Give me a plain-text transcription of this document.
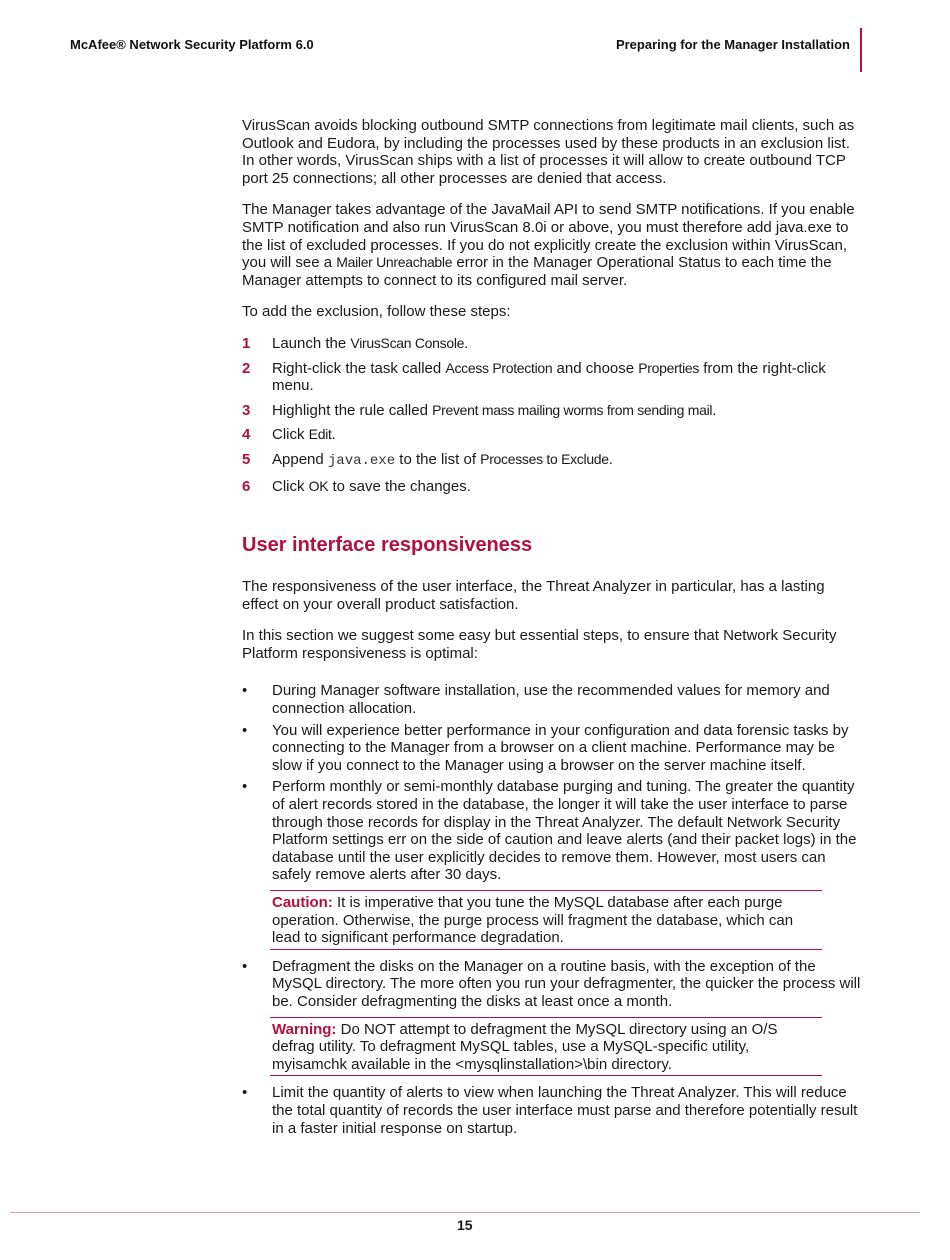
McAfee® Network Security Platform 6.0	Preparing for the Manager Installation

VirusScan avoids blocking outbound SMTP connections from legitimate mail clients, such as Outlook and Eudora, by including the processes used by these products in an exclusion list. In other words, VirusScan ships with a list of processes it will allow to create outbound TCP port 25 connections; all other processes are denied that access.

The Manager takes advantage of the JavaMail API to send SMTP notifications. If you enable SMTP notification and also run VirusScan 8.0i or above, you must therefore add java.exe to the list of excluded processes. If you do not explicitly create the exclusion within VirusScan, you will see a Mailer Unreachable error in the Manager Operational Status to each time the Manager attempts to connect to its configured mail server.

To add the exclusion, follow these steps:

1 Launch the VirusScan Console.
2 Right-click the task called Access Protection and choose Properties from the right-click menu.
3 Highlight the rule called Prevent mass mailing worms from sending mail.
4 Click Edit.
5 Append java.exe to the list of Processes to Exclude.
6 Click OK to save the changes.
User interface responsiveness

The responsiveness of the user interface, the Threat Analyzer in particular, has a lasting effect on your overall product satisfaction.

In this section we suggest some easy but essential steps, to ensure that Network Security Platform responsiveness is optimal:

• During Manager software installation, use the recommended values for memory and connection allocation.
• You will experience better performance in your configuration and data forensic tasks by connecting to the Manager from a browser on a client machine. Performance may be slow if you connect to the Manager using a browser on the server machine itself.
• Perform monthly or semi-monthly database purging and tuning. The greater the quantity of alert records stored in the database, the longer it will take the user interface to parse through those records for display in the Threat Analyzer. The default Network Security Platform settings err on the side of caution and leave alerts (and their packet logs) in the database until the user explicitly decides to remove them. However, most users can safely remove alerts after 30 days.
Caution: It is imperative that you tune the MySQL database after each purge operation. Otherwise, the purge process will fragment the database, which can lead to significant performance degradation.
• Defragment the disks on the Manager on a routine basis, with the exception of the MySQL directory. The more often you run your defragmenter, the quicker the process will be. Consider defragmenting the disks at least once a month.
Warning: Do NOT attempt to defragment the MySQL directory using an O/S defrag utility. To defragment MySQL tables, use a MySQL-specific utility, myisamchk available in the <mysqlinstallation>\bin directory.
• Limit the quantity of alerts to view when launching the Threat Analyzer. This will reduce the total quantity of records the user interface must parse and therefore potentially result in a faster initial response on startup.
15
